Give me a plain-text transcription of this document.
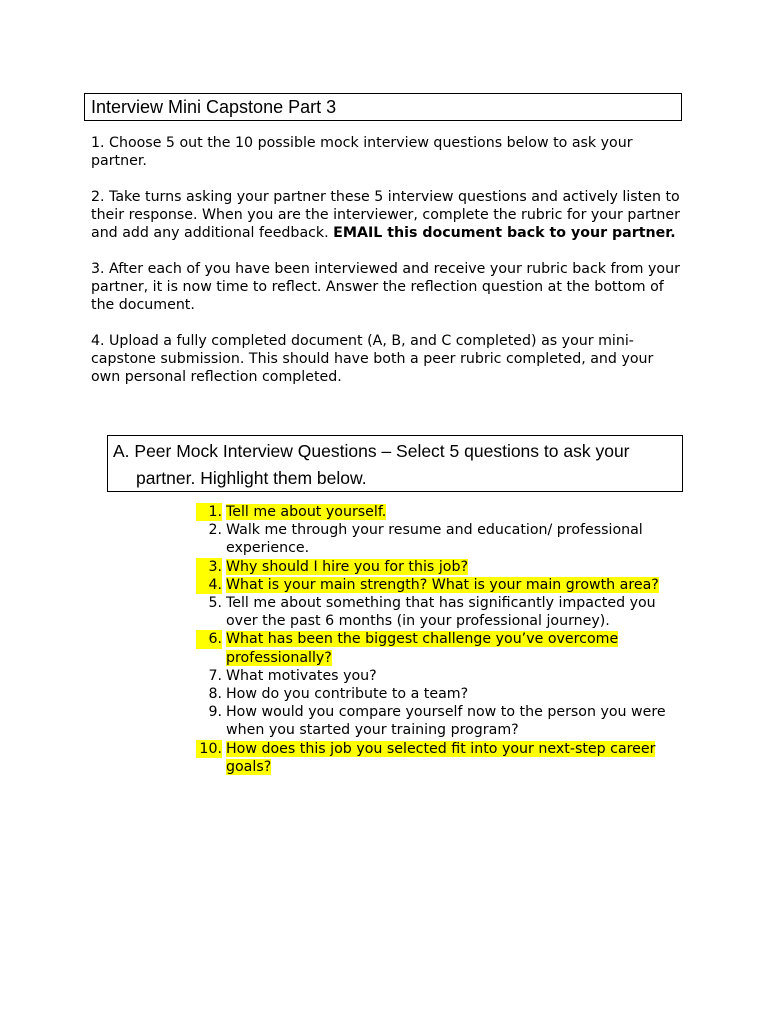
Interview Mini Capstone Part 3

1. Choose 5 out the 10 possible mock interview questions below to ask your partner.

2. Take turns asking your partner these 5 interview questions and actively listen to their response. When you are the interviewer, complete the rubric for your partner and add any additional feedback. EMAIL this document back to your partner.

3. After each of you have been interviewed and receive your rubric back from your partner, it is now time to reflect. Answer the reflection question at the bottom of the document.

4. Upload a fully completed document (A, B, and C completed) as your mini-capstone submission. This should have both a peer rubric completed, and your own personal reflection completed.

A. Peer Mock Interview Questions – Select 5 questions to ask your partner. Highlight them below.
1. Tell me about yourself.
2. Walk me through your resume and education/ professional experience.
3. Why should I hire you for this job?
4. What is your main strength? What is your main growth area?
5. Tell me about something that has significantly impacted you over the past 6 months (in your professional journey).
6. What has been the biggest challenge you’ve overcome professionally?
7. What motivates you?
8. How do you contribute to a team?
9. How would you compare yourself now to the person you were when you started your training program?
10. How does this job you selected fit into your next-step career goals?
